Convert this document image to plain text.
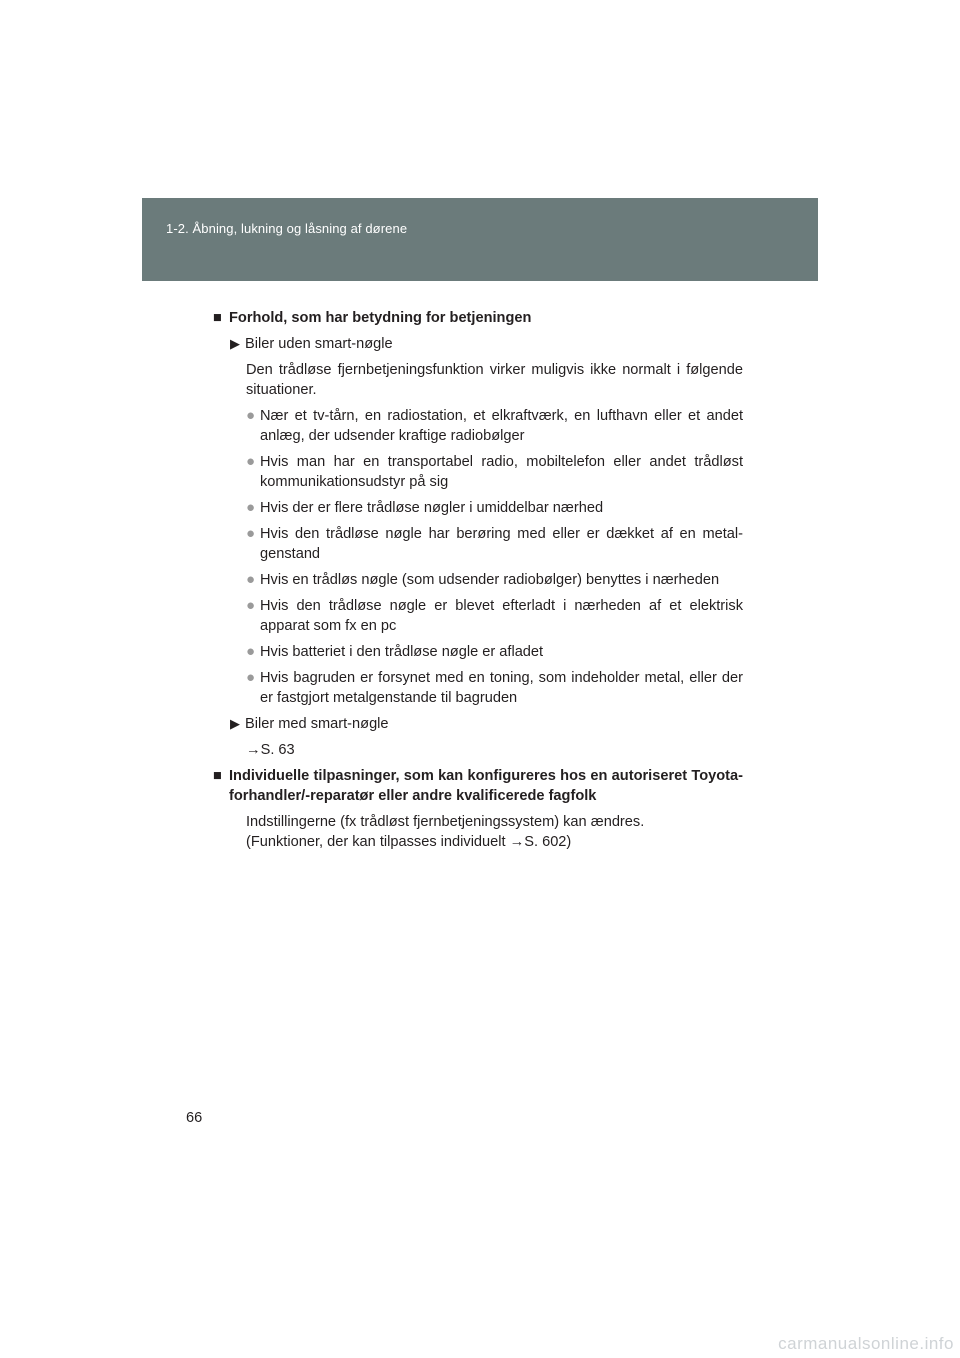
1-2. Åbning, lukning og låsning af dørene
■ Forhold, som har betydning for betjeningen
▶ Biler uden smart-nøgle
Den trådløse fjernbetjeningsfunktion virker muligvis ikke normalt i følgende situationer.
● Nær et tv-tårn, en radiostation, et elkraftværk, en lufthavn eller et andet anlæg, der udsender kraftige radiobølger
● Hvis man har en transportabel radio, mobiltelefon eller andet trådløst kommunikationsudstyr på sig
● Hvis der er flere trådløse nøgler i umiddelbar nærhed
● Hvis den trådløse nøgle har berøring med eller er dækket af en metal-genstand
● Hvis en trådløs nøgle (som udsender radiobølger) benyttes i nærheden
● Hvis den trådløse nøgle er blevet efterladt i nærheden af et elektrisk apparat som fx en pc
● Hvis batteriet i den trådløse nøgle er afladet
● Hvis bagruden er forsynet med en toning, som indeholder metal, eller der er fastgjort metalgenstande til bagruden
▶ Biler med smart-nøgle
→S. 63
■ Individuelle tilpasninger, som kan konfigureres hos en autoriseret Toyota-forhandler/-reparatør eller andre kvalificerede fagfolk
Indstillingerne (fx trådløst fjernbetjeningssystem) kan ændres.
(Funktioner, der kan tilpasses individuelt →S. 602)
66
carmanualsonline.info
